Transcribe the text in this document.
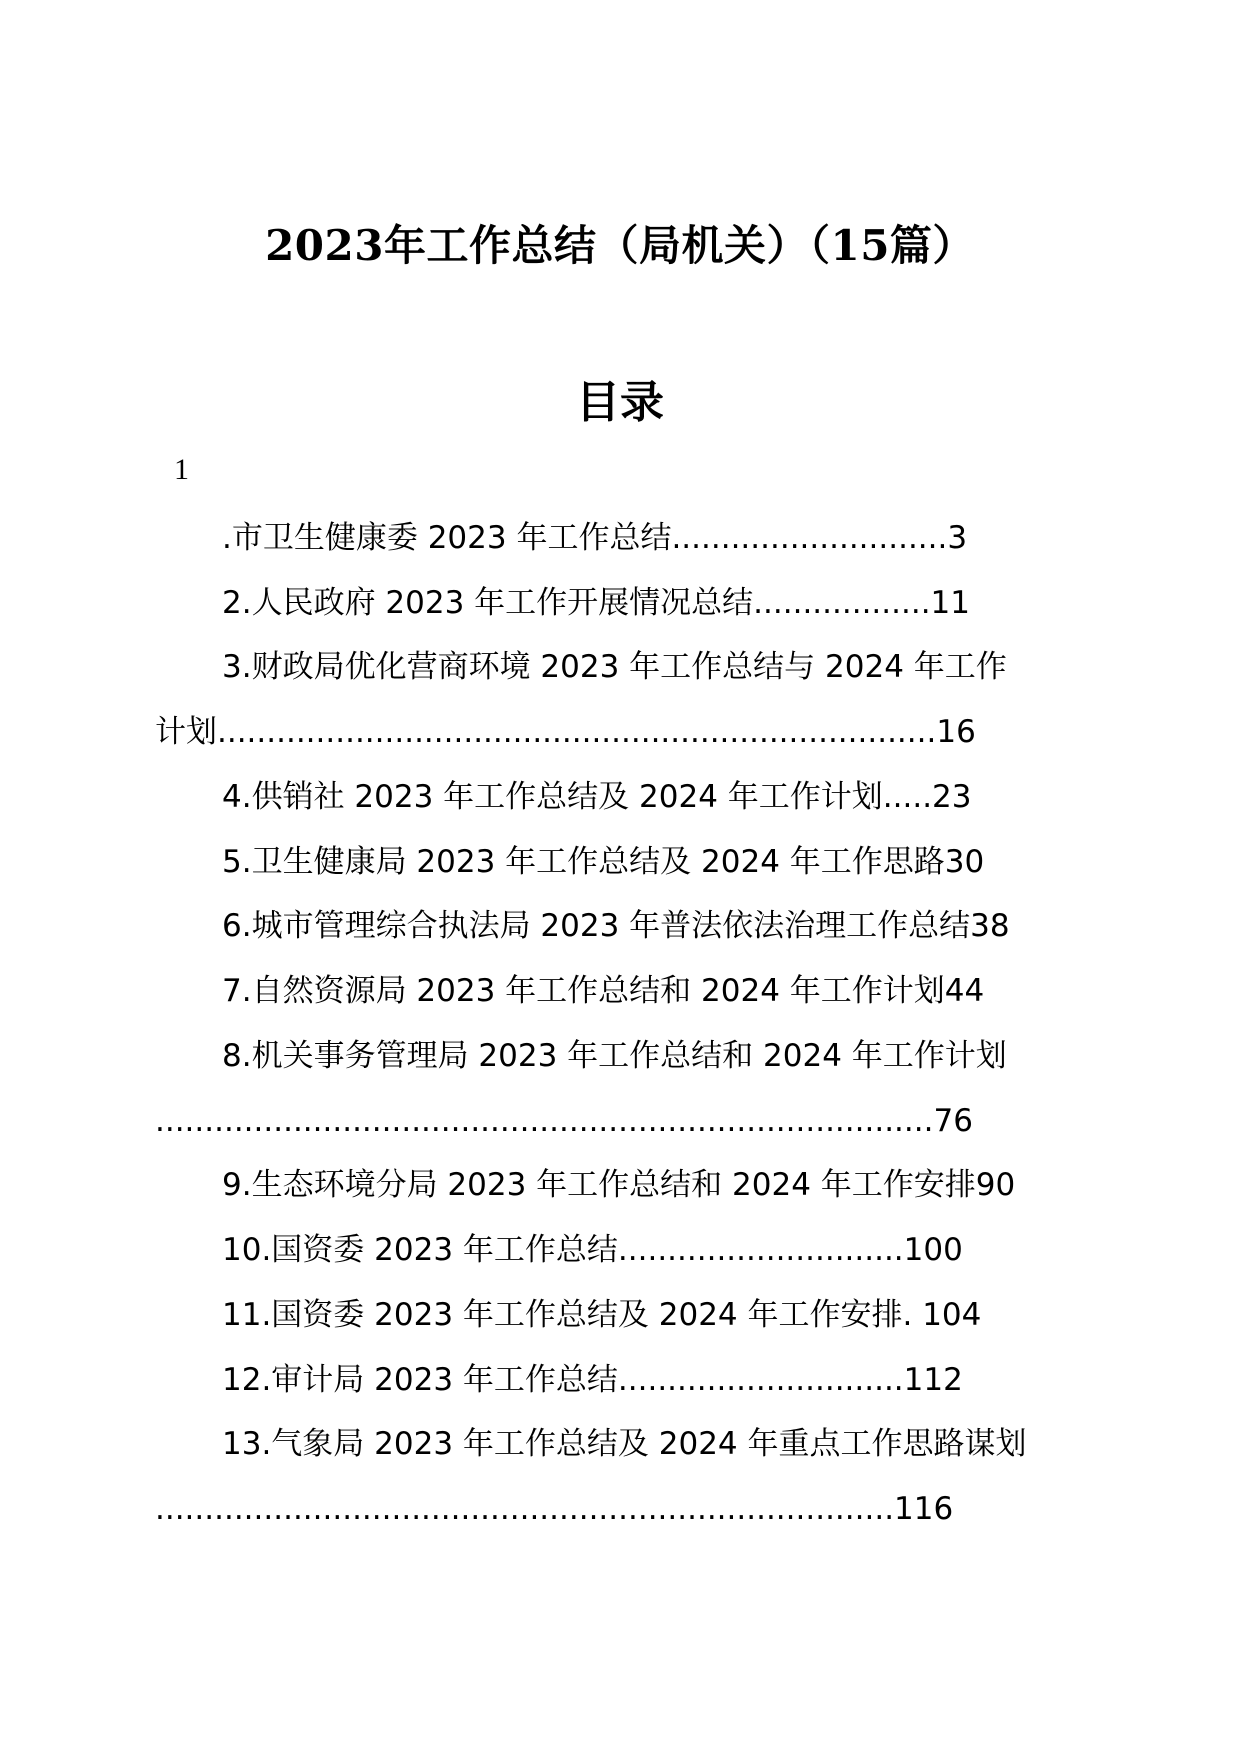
2023年工作总结（局机关）（15篇）
目录
1
.市卫生健康委 2023 年工作总结............................3
2.人民政府 2023 年工作开展情况总结..................11
3.财政局优化营商环境 2023 年工作总结与 2024 年工作
计划.........................................................................16
4.供销社 2023 年工作总结及 2024 年工作计划.....23
5.卫生健康局 2023 年工作总结及 2024 年工作思路30
6.城市管理综合执法局 2023 年普法依法治理工作总结38
7.自然资源局 2023 年工作总结和 2024 年工作计划44
8.机关事务管理局 2023 年工作总结和 2024 年工作计划
...............................................................................76
9.生态环境分局 2023 年工作总结和 2024 年工作安排90
10.国资委 2023 年工作总结.............................100
11.国资委 2023 年工作总结及 2024 年工作安排. 104
12.审计局 2023 年工作总结.............................112
13.气象局 2023 年工作总结及 2024 年重点工作思路谋划
...........................................................................116
